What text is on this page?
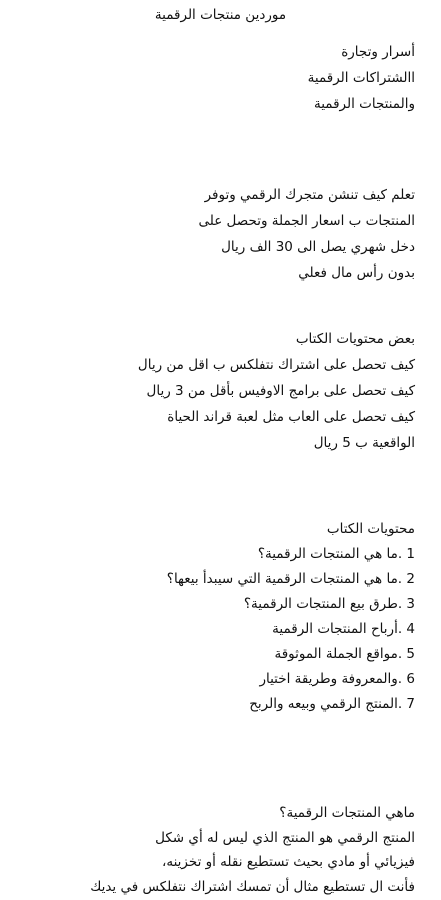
موردين منتجات الرقمية
أسرار وتجارة
االشتراكات الرقمية
والمنتجات الرقمية
تعلم كيف تنشن متجرك الرقمي وتوفر
المنتجات ب اسعار الجملة وتحصل على
دخل شهري يصل الى 30 الف ريال
بدون رأس مال فعلي
بعض محتويات الكتاب
كيف تحصل على اشتراك نتفلكس ب اقل من ريال
كيف تحصل على برامج الاوفيس بأقل من 3 ريال
كيف تحصل على العاب مثل لعبة قراند الحياة
الواقعية ب 5 ريال
محتويات الكتاب
1 .ما هي المنتجات الرقمية؟
2 .ما هي المنتجات الرقمية التي سيبدأ بيعها؟
3 .طرق بيع المنتجات الرقمية؟
4 .أرباح المنتجات الرقمية
5 .مواقع الجملة الموثوقة
6 .والمعروفة وطريقة اختيار
7 .المنتج الرقمي وبيعه والربح
ماهي المنتجات الرقمية؟
المنتج الرقمي هو المنتج الذي ليس له أي شكل
فيزيائي أو مادي بحيث تستطيع نقله أو تخزينه،
فأنت ال تستطيع مثال أن تمسك اشتراك نتفلكس في يديك
